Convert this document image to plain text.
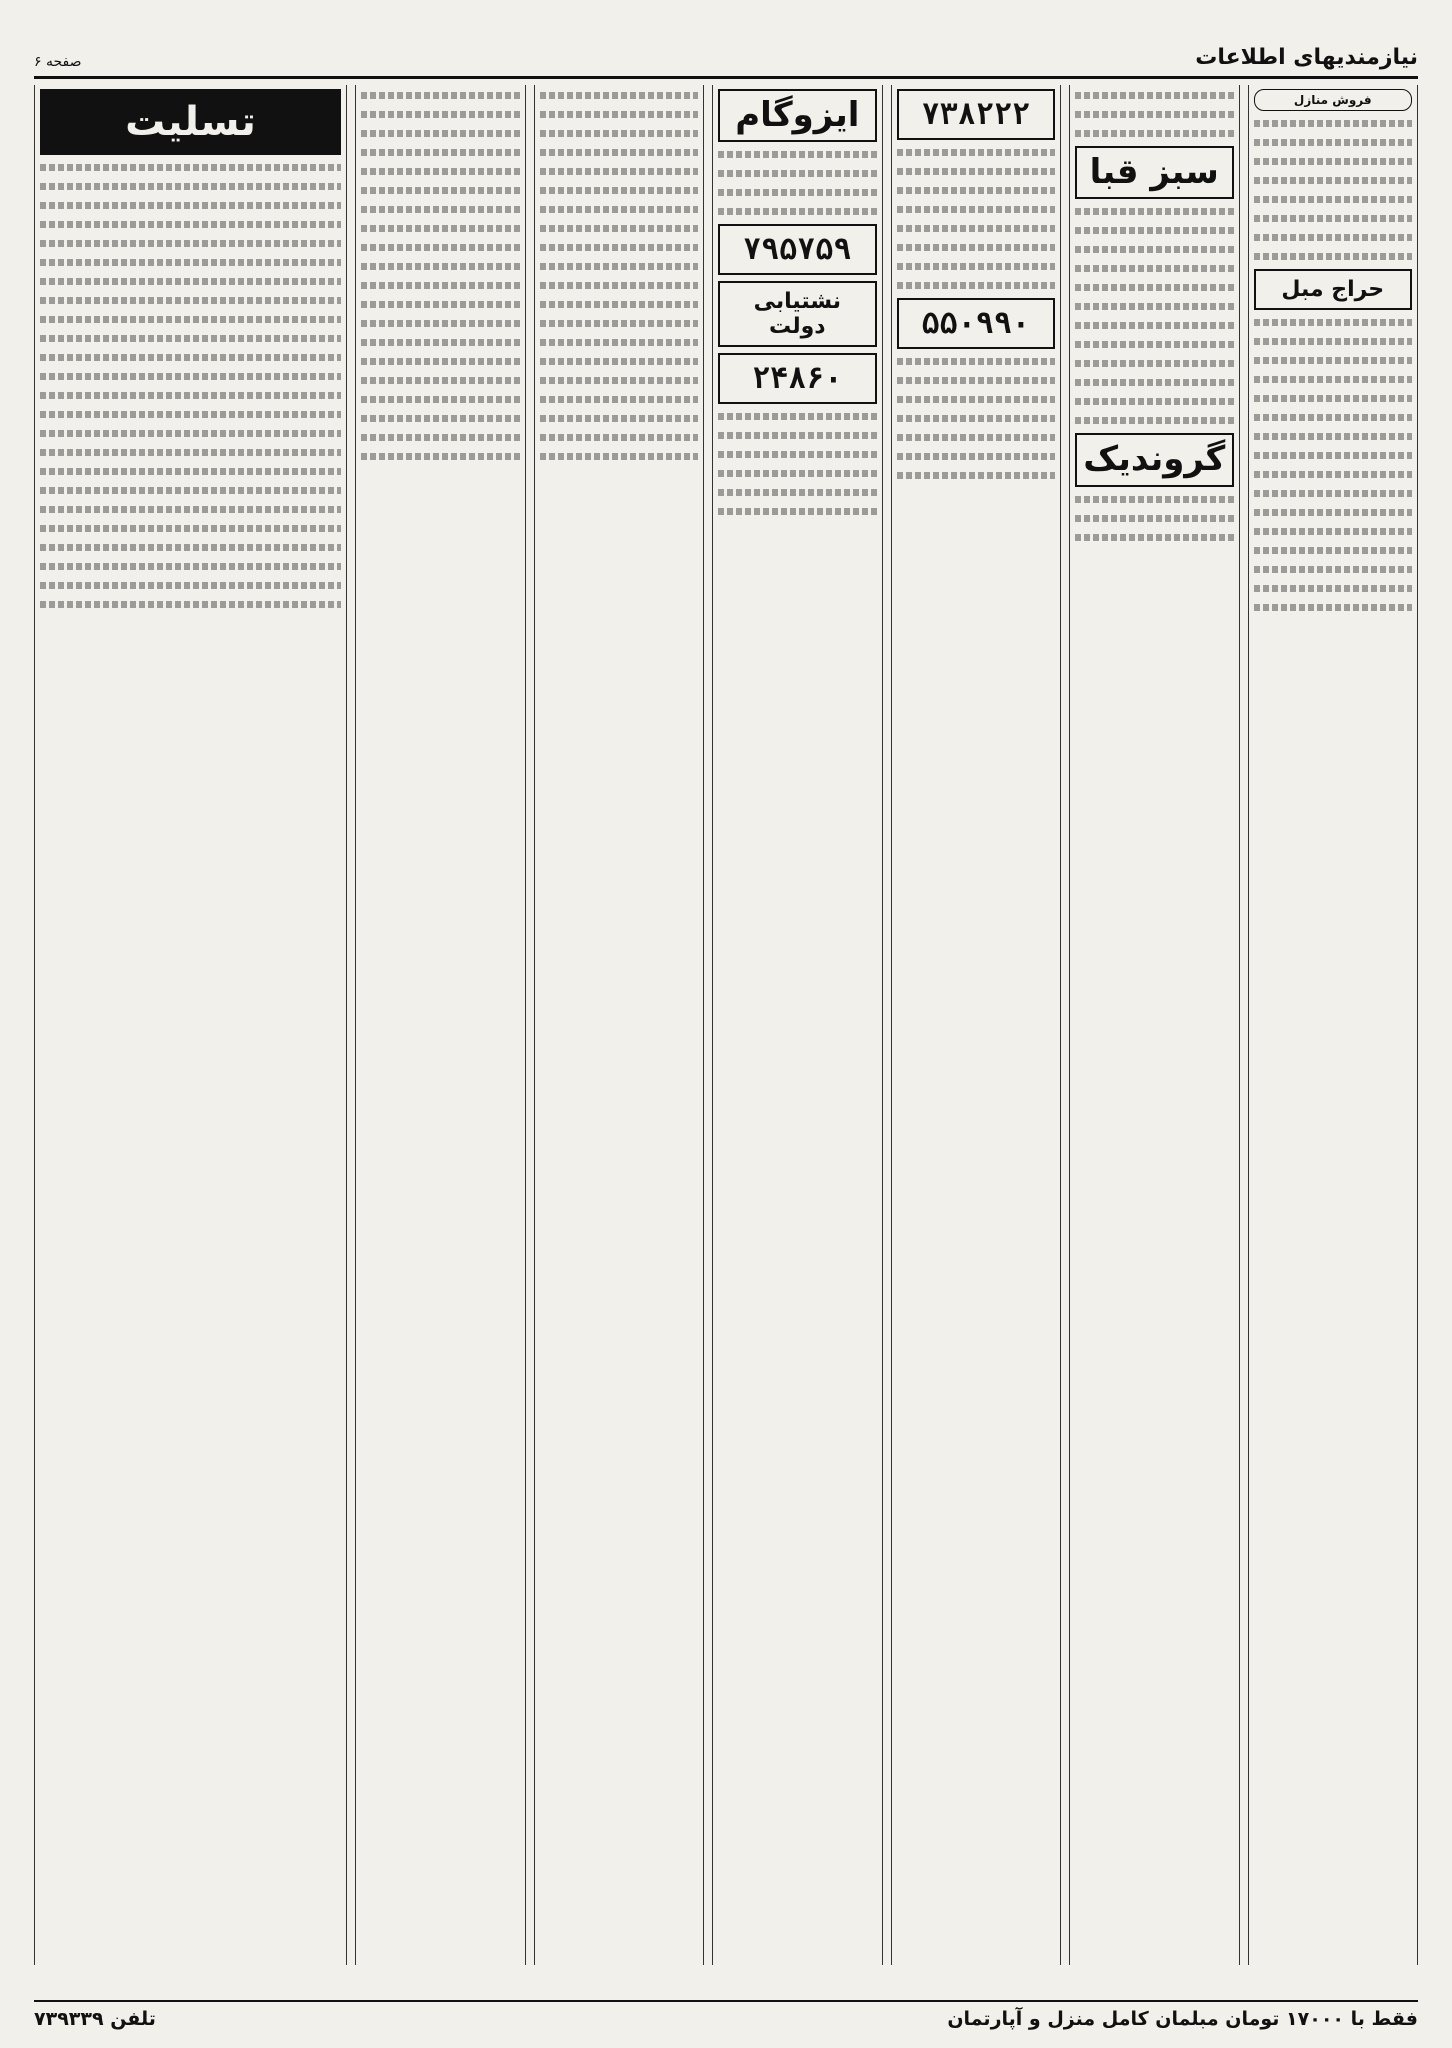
نیازمندیهای اطلاعات
صفحه ۶
فروش منازل
حراج مبل
سبز قبا
گروندیک
۷۳۸۲۲۲
۵۵۰۹۹۰
ایزوگام
۷۹۵۷۵۹
نشتیابی دولت
۲۴۸۶۰
تسلیت
فقط با ۱۷۰۰۰ تومان مبلمان کامل منزل و آپارتمان
تلفن ۷۳۹۳۳۹
